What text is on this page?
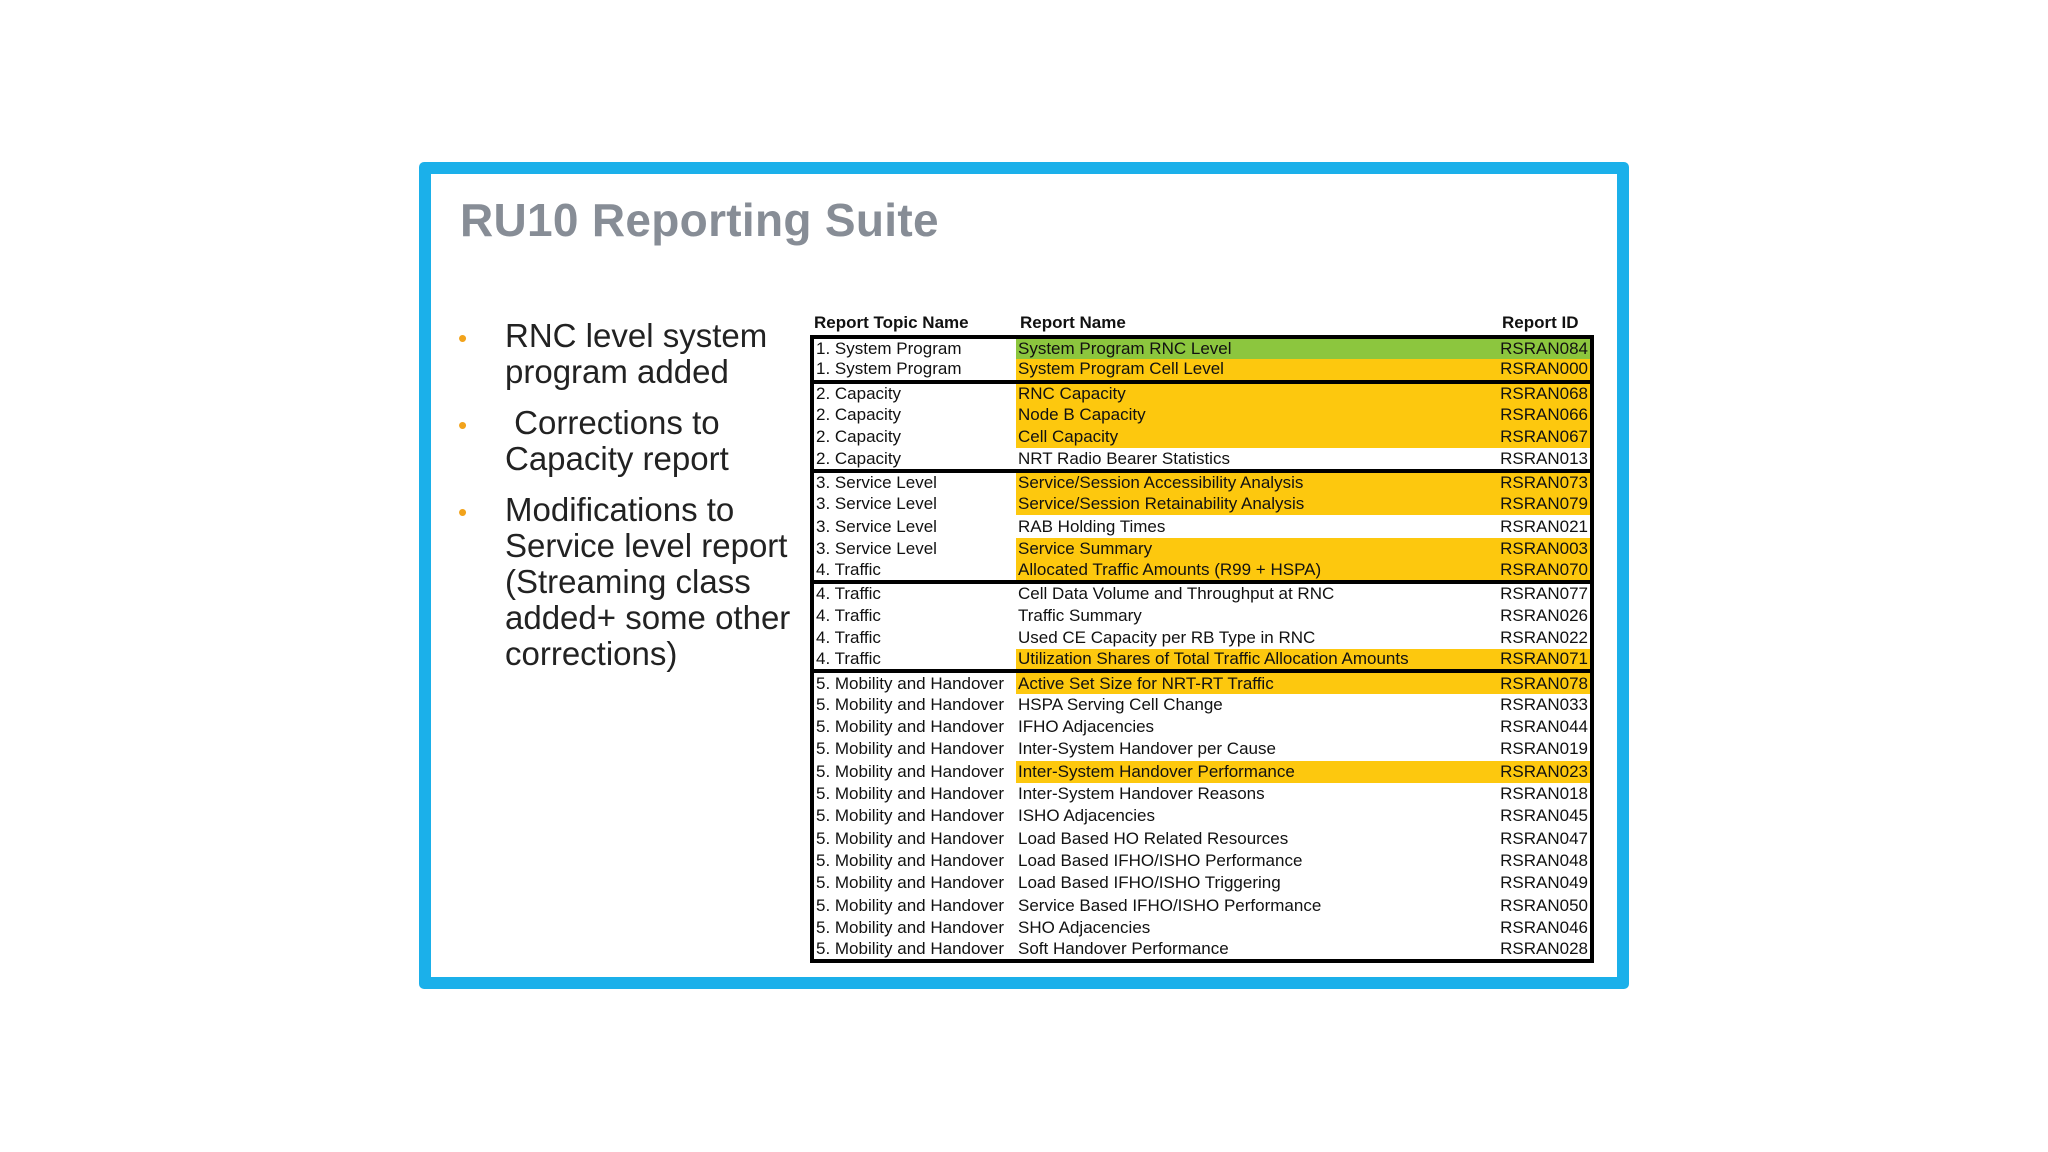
RU10 Reporting Suite
• RNC level system program added
• Corrections to Capacity report
• Modifications to Service level report (Streaming class added+ some other corrections)
Report Topic Name	Report Name	Report ID
1. System Program	System Program RNC Level	RSRAN084
1. System Program	System Program Cell Level	RSRAN000
2. Capacity	RNC Capacity	RSRAN068
2. Capacity	Node B Capacity	RSRAN066
2. Capacity	Cell Capacity	RSRAN067
2. Capacity	NRT Radio Bearer Statistics	RSRAN013
3. Service Level	Service/Session Accessibility Analysis	RSRAN073
3. Service Level	Service/Session Retainability Analysis	RSRAN079
3. Service Level	RAB Holding Times	RSRAN021
3. Service Level	Service Summary	RSRAN003
4. Traffic	Allocated Traffic Amounts (R99 + HSPA)	RSRAN070
4. Traffic	Cell Data Volume and Throughput at RNC	RSRAN077
4. Traffic	Traffic Summary	RSRAN026
4. Traffic	Used CE Capacity per RB Type in RNC	RSRAN022
4. Traffic	Utilization Shares of Total Traffic Allocation Amounts	RSRAN071
5. Mobility and Handover	Active Set Size for NRT-RT Traffic	RSRAN078
5. Mobility and Handover	HSPA Serving Cell Change	RSRAN033
5. Mobility and Handover	IFHO Adjacencies	RSRAN044
5. Mobility and Handover	Inter-System Handover per Cause	RSRAN019
5. Mobility and Handover	Inter-System Handover Performance	RSRAN023
5. Mobility and Handover	Inter-System Handover Reasons	RSRAN018
5. Mobility and Handover	ISHO Adjacencies	RSRAN045
5. Mobility and Handover	Load Based HO Related Resources	RSRAN047
5. Mobility and Handover	Load Based IFHO/ISHO Performance	RSRAN048
5. Mobility and Handover	Load Based IFHO/ISHO Triggering	RSRAN049
5. Mobility and Handover	Service Based IFHO/ISHO Performance	RSRAN050
5. Mobility and Handover	SHO Adjacencies	RSRAN046
5. Mobility and Handover	Soft Handover Performance	RSRAN028
